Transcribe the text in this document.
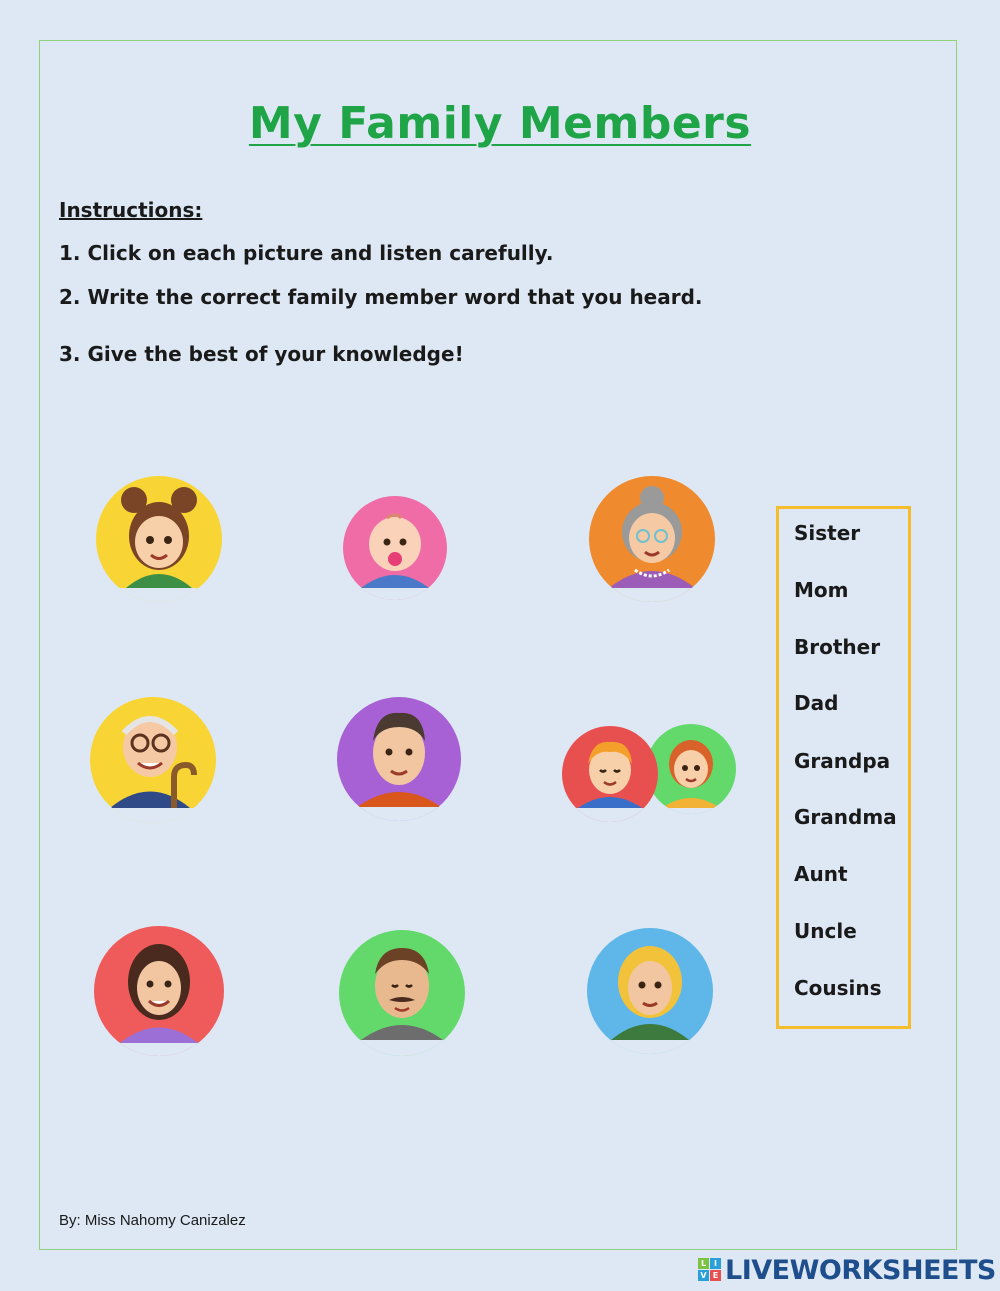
My Family Members

Instructions:

1. Click on each picture and listen carefully.

2. Write the correct family member word that you heard.

3. Give the best of your knowledge!

Sister

Mom

Brother

Dad

Grandpa

Grandma

Aunt

Uncle

Cousins

By: Miss Nahomy Canizalez

L I
V E LIVEWORKSHEETS
